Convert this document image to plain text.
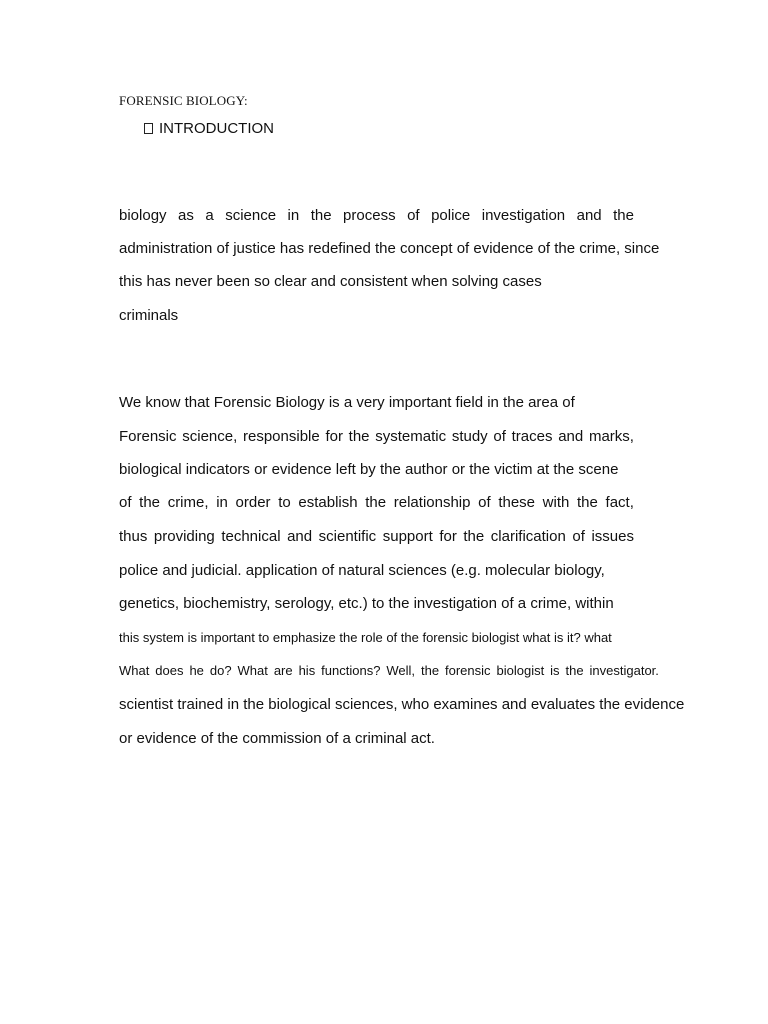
FORENSIC BIOLOGY:
INTRODUCTION
biology as a science in the process of police investigation and the
administration of justice has redefined the concept of evidence of the crime, since
this has never been so clear and consistent when solving cases
criminals
We know that Forensic Biology is a very important field in the area of
Forensic science, responsible for the systematic study of traces and marks,
biological indicators or evidence left by the author or the victim at the scene
of the crime, in order to establish the relationship of these with the fact,
thus providing technical and scientific support for the clarification of issues
police and judicial. application of natural sciences (e.g. molecular biology,
genetics, biochemistry, serology, etc.) to the investigation of a crime, within
this system is important to emphasize the role of the forensic biologist what is it? what
What does he do? What are his functions? Well, the forensic biologist is the investigator.
scientist trained in the biological sciences, who examines and evaluates the evidence
or evidence of the commission of a criminal act.
